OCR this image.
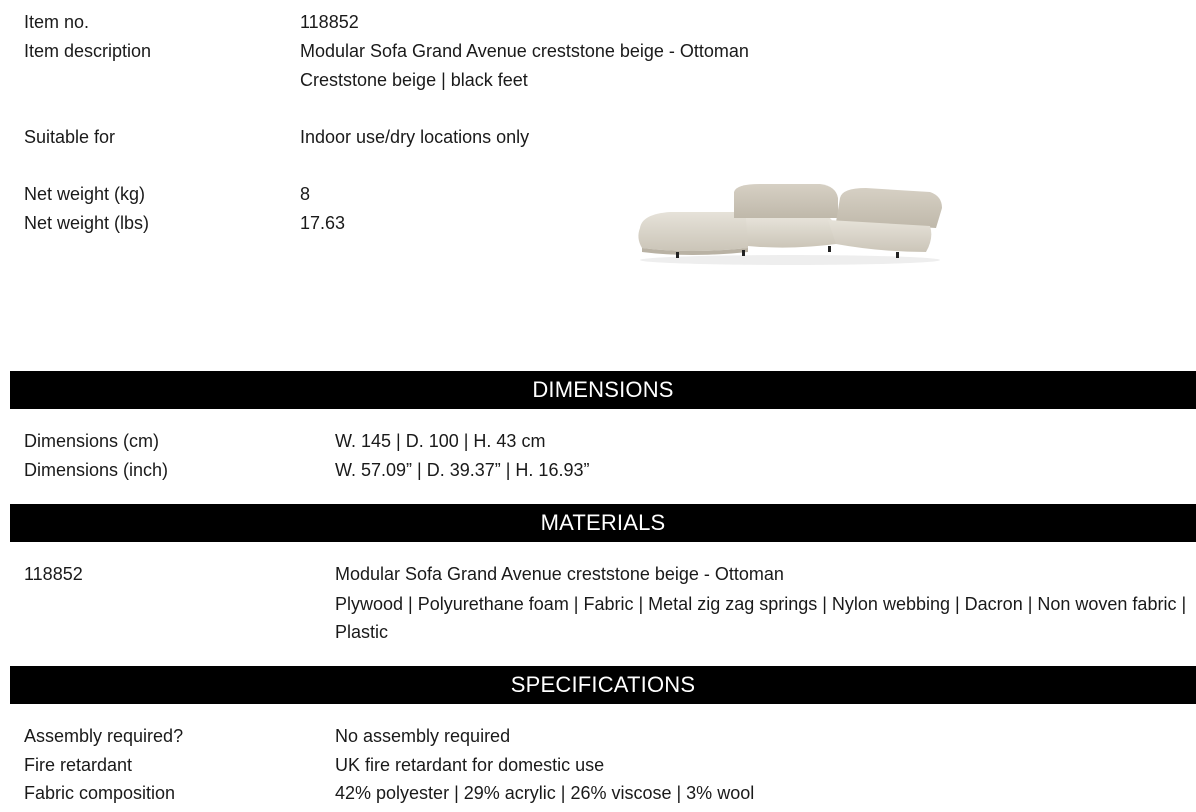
Item no.	118852
Item description	Modular Sofa Grand Avenue creststone beige - Ottoman
Creststone beige | black feet
Suitable for	Indoor use/dry locations only
Net weight (kg)	8
Net weight (lbs)	17.63
DIMENSIONS
Dimensions (cm)	W. 145 | D. 100 | H. 43 cm
Dimensions (inch)	W. 57.09” | D. 39.37” | H. 16.93”
MATERIALS
118852	Modular Sofa Grand Avenue creststone beige - Ottoman
Plywood | Polyurethane foam | Fabric | Metal zig zag springs | Nylon webbing | Dacron | Non woven fabric | Plastic
SPECIFICATIONS
Assembly required?	No assembly required
Fire retardant	UK fire retardant for domestic use
Fabric composition	42% polyester | 29% acrylic | 26% viscose | 3% wool
